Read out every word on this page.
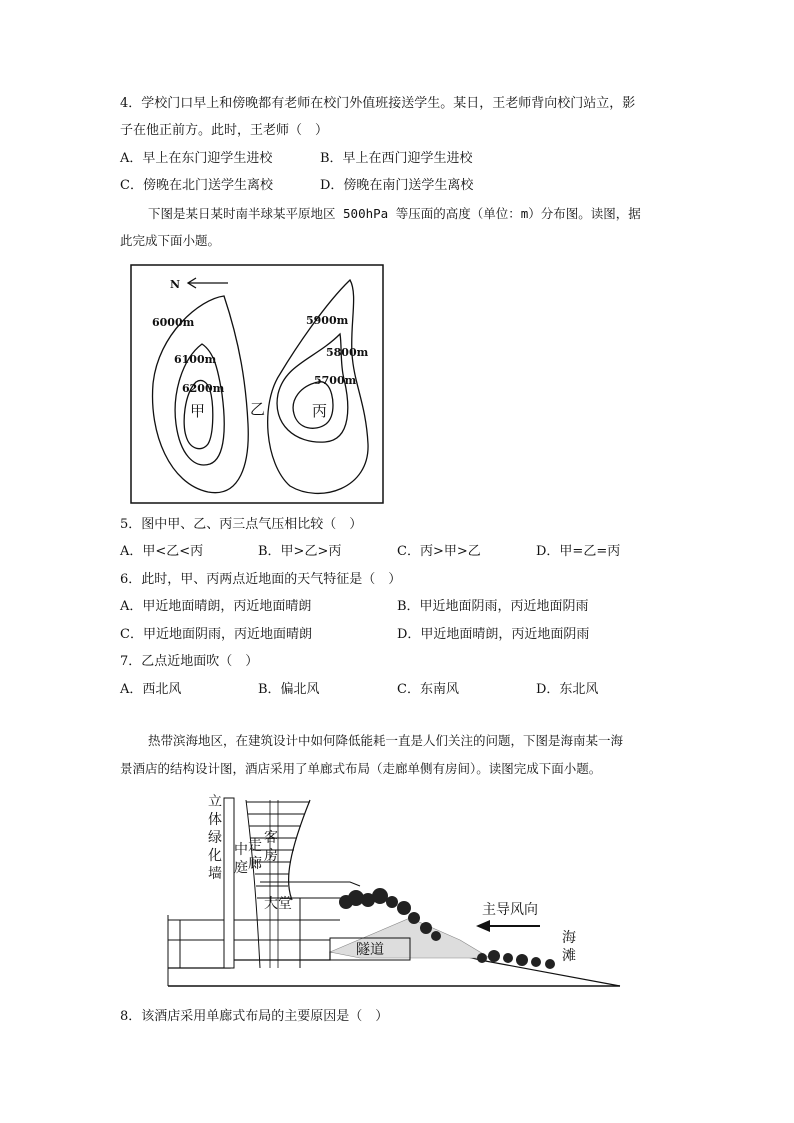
4．学校门口早上和傍晚都有老师在校门外值班接送学生。某日，王老师背向校门站立，影
子在他正前方。此时，王老师（　）
A．早上在东门迎学生进校	B．早上在西门迎学生进校
C．傍晚在北门送学生离校	D．傍晚在南门送学生离校
下图是某日某时南半球某平原地区 500hPa 等压面的高度（单位：m）分布图。读图，据
此完成下面小题。
N
6000m
6100m
6200m
5900m
5800m
5700m
甲	乙	丙
5．图中甲、乙、丙三点气压相比较（　）
A．甲<乙<丙	B．甲>乙>丙	C．丙>甲>乙	D．甲=乙=丙
6．此时，甲、丙两点近地面的天气特征是（　）
A．甲近地面晴朗，丙近地面晴朗	B．甲近地面阴雨，丙近地面阴雨
C．甲近地面阴雨，丙近地面晴朗	D．甲近地面晴朗，丙近地面阴雨
7．乙点近地面吹（　）
A．西北风	B．偏北风	C．东南风	D．东北风
热带滨海地区，在建筑设计中如何降低能耗一直是人们关注的问题，下图是海南某一海
景酒店的结构设计图，酒店采用了单廊式布局（走廊单侧有房间）。读图完成下面小题。
立
体
绿
化
墙
中
庭
走
廊
客
房
大堂
隧道
主导风向
海
滩
8．该酒店采用单廊式布局的主要原因是（　）
